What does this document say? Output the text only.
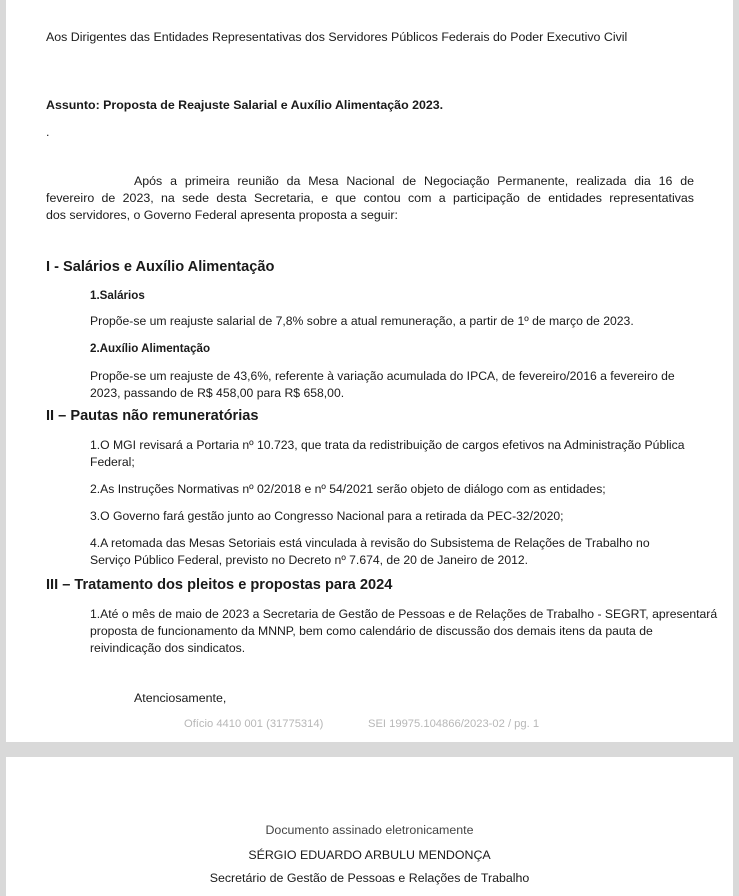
Aos Dirigentes das Entidades Representativas dos Servidores Públicos Federais do Poder Executivo Civil
Assunto: Proposta de Reajuste Salarial e Auxílio Alimentação 2023.
.
Após a primeira reunião da Mesa Nacional de Negociação Permanente, realizada dia 16 de
fevereiro de 2023, na sede desta Secretaria, e que contou com a participação de entidades representativas
dos servidores, o Governo Federal apresenta proposta a seguir:
I - Salários e Auxílio Alimentação
1.Salários
Propõe-se um reajuste salarial de 7,8% sobre a atual remuneração, a partir de 1º de março de 2023.
2.Auxílio Alimentação
Propõe-se um reajuste de 43,6%, referente à variação acumulada do IPCA, de fevereiro/2016 a fevereiro de
2023, passando de R$ 458,00 para R$ 658,00.
II – Pautas não remuneratórias
1.O MGI revisará a Portaria nº 10.723, que trata da redistribuição de cargos efetivos na Administração Pública
Federal;
2.As Instruções Normativas nº 02/2018 e nº 54/2021 serão objeto de diálogo com as entidades;
3.O Governo fará gestão junto ao Congresso Nacional para a retirada da PEC-32/2020;
4.A retomada das Mesas Setoriais está vinculada à revisão do Subsistema de Relações de Trabalho no
Serviço Público Federal, previsto no Decreto nº 7.674, de 20 de Janeiro de 2012.
III – Tratamento dos pleitos e propostas para 2024
1.Até o mês de maio de 2023 a Secretaria de Gestão de Pessoas e de Relações de Trabalho - SEGRT, apresentará
proposta de funcionamento da MNNP, bem como calendário de discussão dos demais itens da pauta de
reivindicação dos sindicatos.
Atenciosamente,
Ofício 4410 001 (31775314)	SEI 19975.104866/2023-02 / pg. 1
Documento assinado eletronicamente
SÉRGIO EDUARDO ARBULU MENDONÇA
Secretário de Gestão de Pessoas e Relações de Trabalho
